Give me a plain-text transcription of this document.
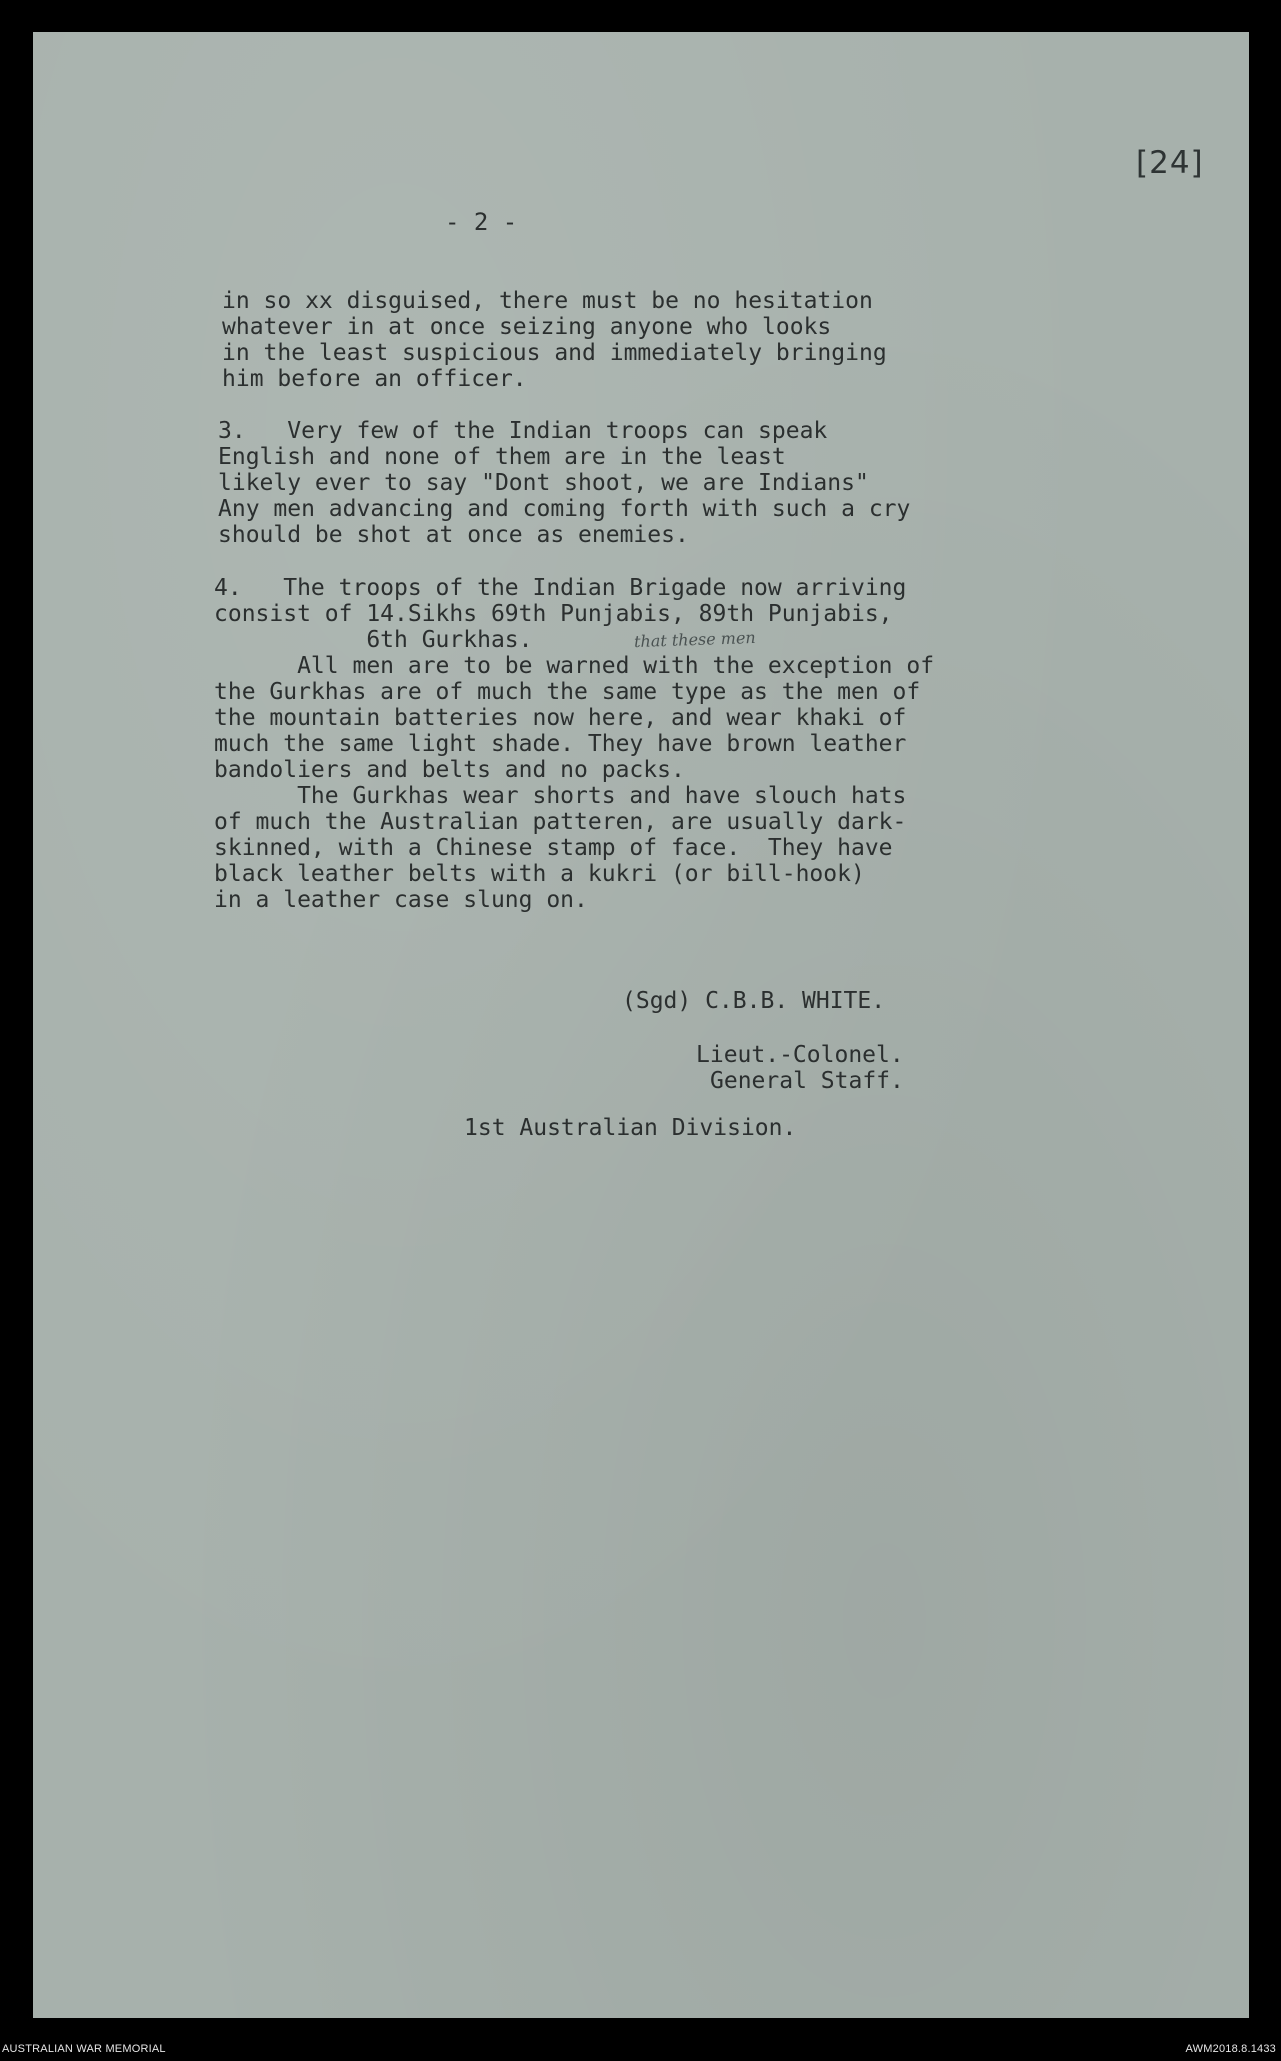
[24]
- 2 -

in so xx disguised, there must be no hesitation

whatever in at once seizing anyone who looks

in the least suspicious and immediately bringing

him before an officer.

3.   Very few of the Indian troops can speak

English and none of them are in the least

likely ever to say "Dont shoot, we are Indians"

Any men advancing and coming forth with such a cry

should be shot at once as enemies.

4.   The troops of the Indian Brigade now arriving

consist of 14.Sikhs 69th Punjabis, 89th Punjabis,

6th Gurkhas.

All men are to be warned with the exception of

the Gurkhas are of much the same type as the men of

the mountain batteries now here, and wear khaki of

much the same light shade. They have brown leather

bandoliers and belts and no packs.

The Gurkhas wear shorts and have slouch hats

of much the Australian patteren, are usually dark-

skinned, with a Chinese stamp of face.  They have

black leather belts with a kukri (or bill-hook)

in a leather case slung on.

that these men

(Sgd) C.B.B. WHITE.

Lieut.-Colonel.

General Staff.

1st Australian Division.

AUSTRALIAN WAR MEMORIAL	AWM2018.8.1433
